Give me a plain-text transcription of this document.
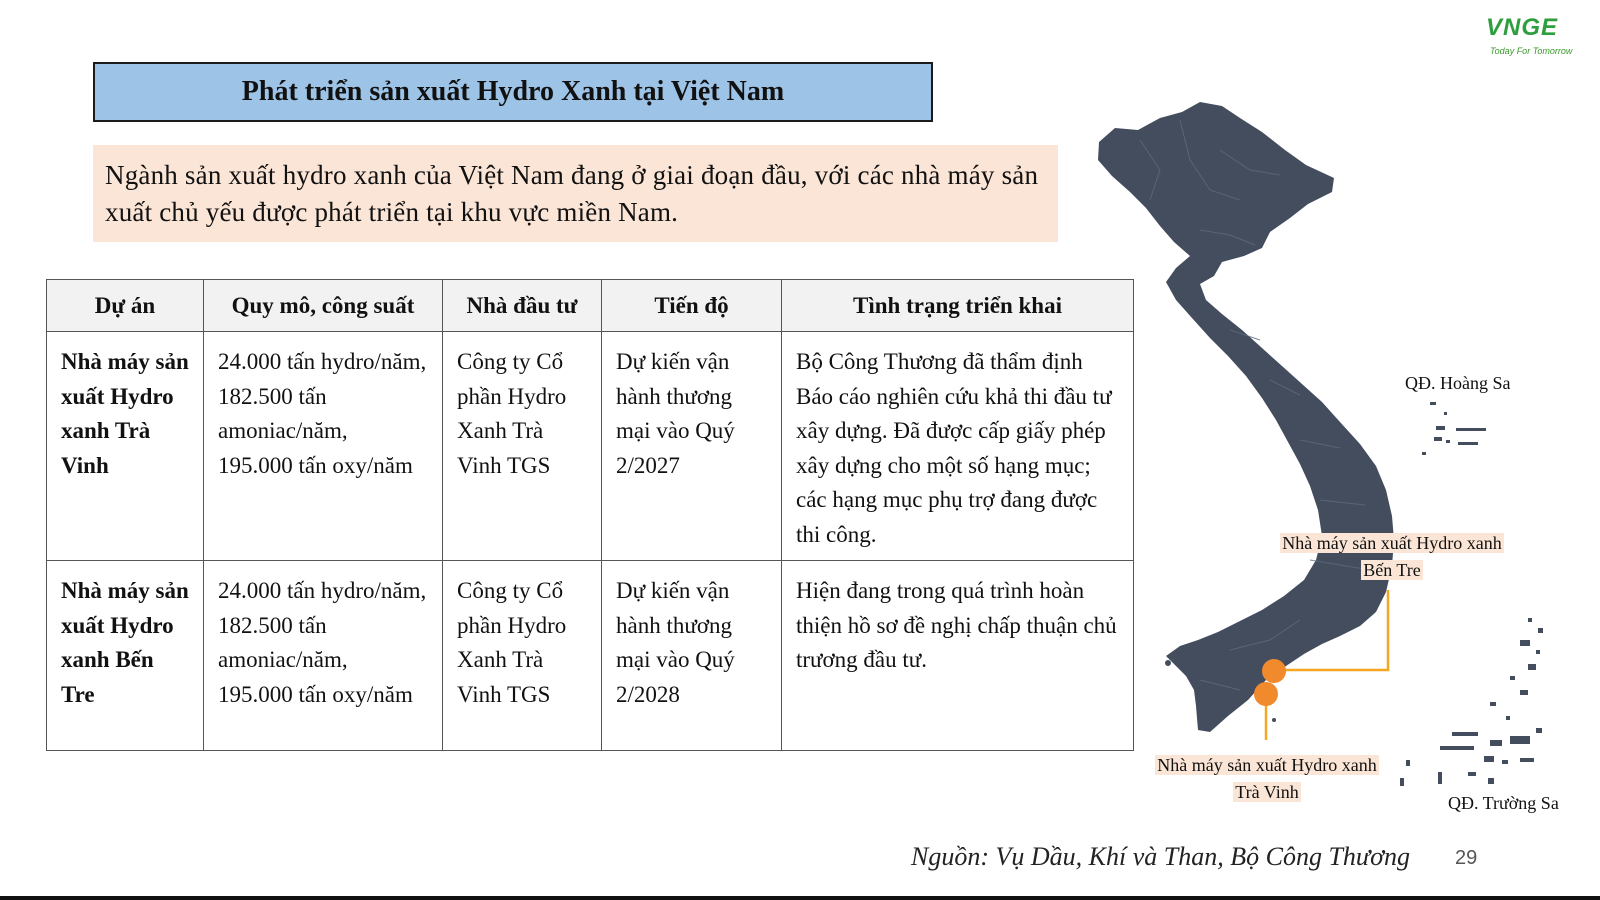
VNGE
Today For Tomorrow
Phát triển sản xuất Hydro Xanh tại Việt Nam
Ngành sản xuất hydro xanh của Việt Nam đang ở giai đoạn đầu, với các nhà máy sản xuất chủ yếu được phát triển tại khu vực miền Nam.
Dự án	Quy mô, công suất	Nhà đầu tư	Tiến độ	Tình trạng triển khai
Nhà máy sản xuất Hydro xanh Trà Vinh	24.000 tấn hydro/năm, 182.500 tấn amoniac/năm, 195.000 tấn oxy/năm	Công ty Cổ phần Hydro Xanh Trà Vinh TGS	Dự kiến vận hành thương mại vào Quý 2/2027	Bộ Công Thương đã thẩm định Báo cáo nghiên cứu khả thi đầu tư xây dựng. Đã được cấp giấy phép xây dựng cho một số hạng mục; các hạng mục phụ trợ đang được thi công.
Nhà máy sản xuất Hydro xanh Bến Tre	24.000 tấn hydro/năm, 182.500 tấn amoniac/năm, 195.000 tấn oxy/năm	Công ty Cổ phần Hydro Xanh Trà Vinh TGS	Dự kiến vận hành thương mại vào Quý 2/2028	Hiện đang trong quá trình hoàn thiện hồ sơ đề nghị chấp thuận chủ trương đầu tư.
QĐ. Hoàng Sa
QĐ. Trường Sa
Nhà máy sản xuất Hydro xanh
Bến Tre
Nhà máy sản xuất Hydro xanh
Trà Vinh
Nguồn: Vụ Dầu, Khí và Than, Bộ Công Thương 29
